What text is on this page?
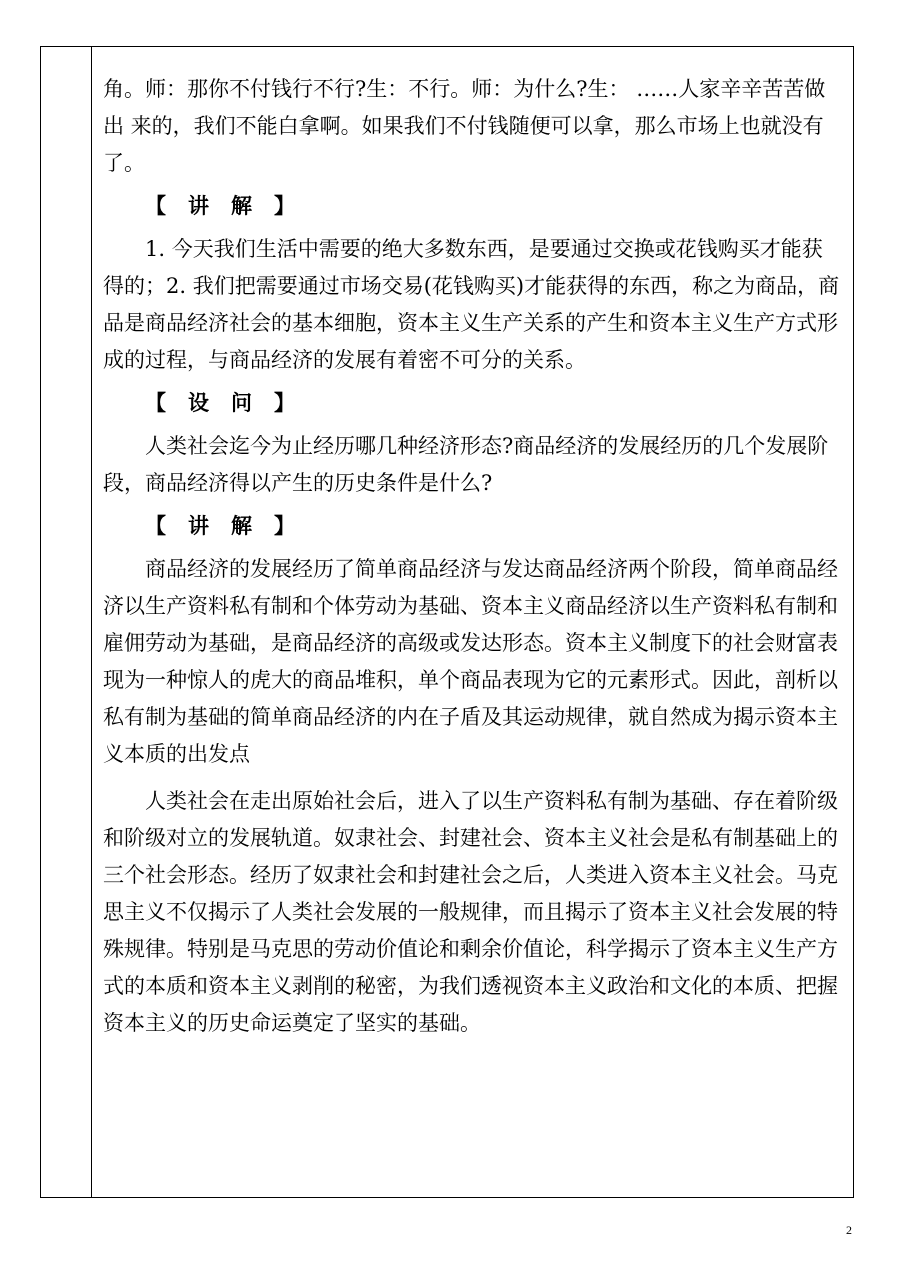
角。师：那你不付钱行不行?生：不行。师：为什么?生： ……人家辛辛苦苦做出 来的，我们不能白拿啊。如果我们不付钱随便可以拿，那么市场上也就没有了。

【 讲 解 】

1. 今天我们生活中需要的绝大多数东西，是要通过交换或花钱购买才能获得的；2. 我们把需要通过市场交易(花钱购买)才能获得的东西，称之为商品，商品是商品经济社会的基本细胞，资本主义生产关系的产生和资本主义生产方式形成的过程，与商品经济的发展有着密不可分的关系。

【 设 问 】

人类社会迄今为止经历哪几种经济形态?商品经济的发展经历的几个发展阶段，商品经济得以产生的历史条件是什么?

【 讲 解 】

商品经济的发展经历了简单商品经济与发达商品经济两个阶段，简单商品经济以生产资料私有制和个体劳动为基础、资本主义商品经济以生产资料私有制和雇佣劳动为基础，是商品经济的高级或发达形态。资本主义制度下的社会财富表现为一种惊人的虎大的商品堆积，单个商品表现为它的元素形式。因此，剖析以私有制为基础的简单商品经济的内在子盾及其运动规律，就自然成为揭示资本主义本质的出发点

人类社会在走出原始社会后，进入了以生产资料私有制为基础、存在着阶级和阶级对立的发展轨道。奴隶社会、封建社会、资本主义社会是私有制基础上的三个社会形态。经历了奴隶社会和封建社会之后，人类进入资本主义社会。马克思主义不仅揭示了人类社会发展的一般规律，而且揭示了资本主义社会发展的特殊规律。特别是马克思的劳动价值论和剩余价值论，科学揭示了资本主义生产方式的本质和资本主义剥削的秘密，为我们透视资本主义政治和文化的本质、把握资本主义的历史命运奠定了坚实的基础。

2
